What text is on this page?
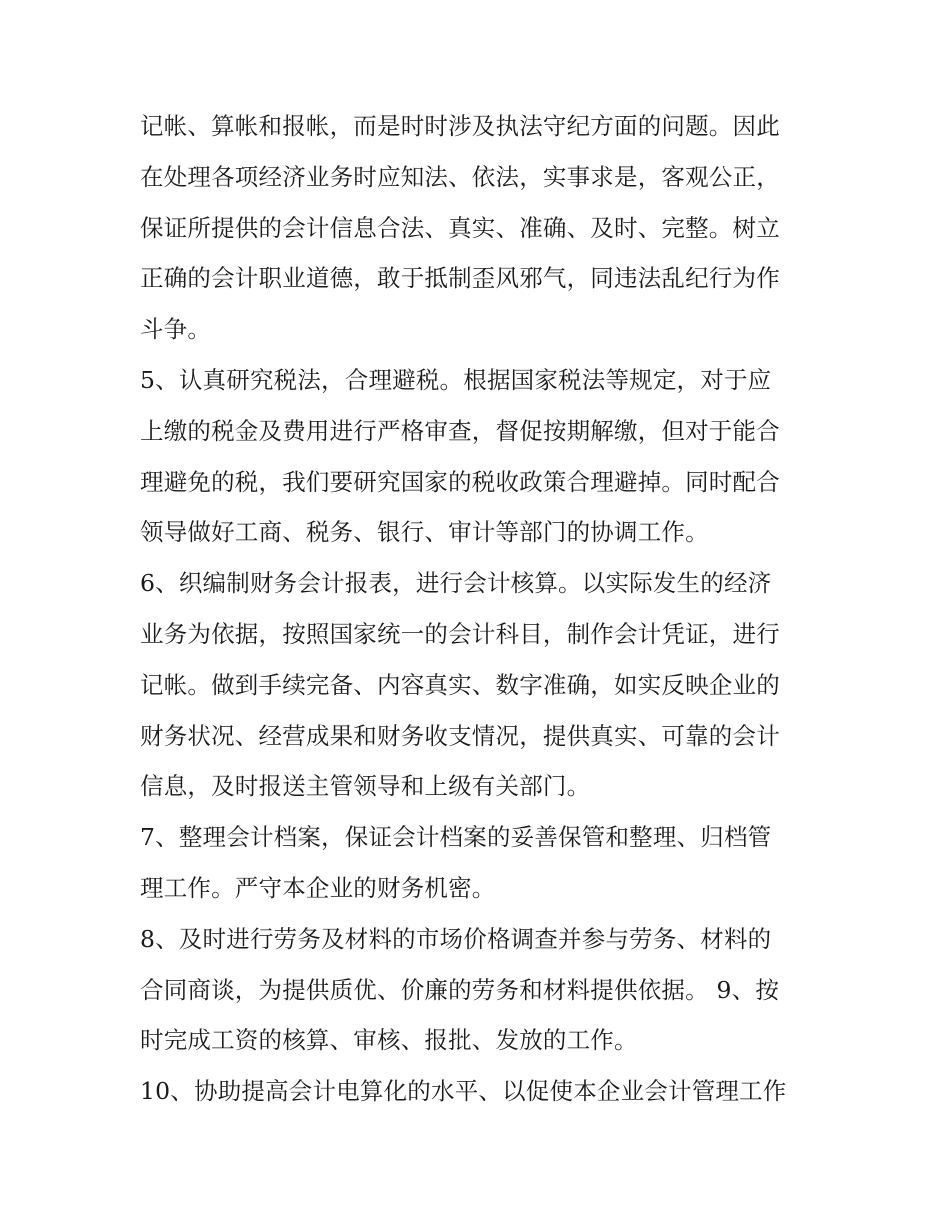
记帐、算帐和报帐，而是时时涉及执法守纪方面的问题。因此
在处理各项经济业务时应知法、依法，实事求是，客观公正，
保证所提供的会计信息合法、真实、准确、及时、完整。树立
正确的会计职业道德，敢于抵制歪风邪气，同违法乱纪行为作
斗争。
5、认真研究税法，合理避税。根据国家税法等规定，对于应
上缴的税金及费用进行严格审查，督促按期解缴，但对于能合
理避免的税，我们要研究国家的税收政策合理避掉。同时配合
领导做好工商、税务、银行、审计等部门的协调工作。
6、织编制财务会计报表，进行会计核算。以实际发生的经济
业务为依据，按照国家统一的会计科目，制作会计凭证，进行
记帐。做到手续完备、内容真实、数字准确，如实反映企业的
财务状况、经营成果和财务收支情况，提供真实、可靠的会计
信息，及时报送主管领导和上级有关部门。
7、整理会计档案，保证会计档案的妥善保管和整理、归档管
理工作。严守本企业的财务机密。
8、及时进行劳务及材料的市场价格调查并参与劳务、材料的
合同商谈，为提供质优、价廉的劳务和材料提供依据。 9、按
时完成工资的核算、审核、报批、发放的工作。
10、协助提高会计电算化的水平、以促使本企业会计管理工作
